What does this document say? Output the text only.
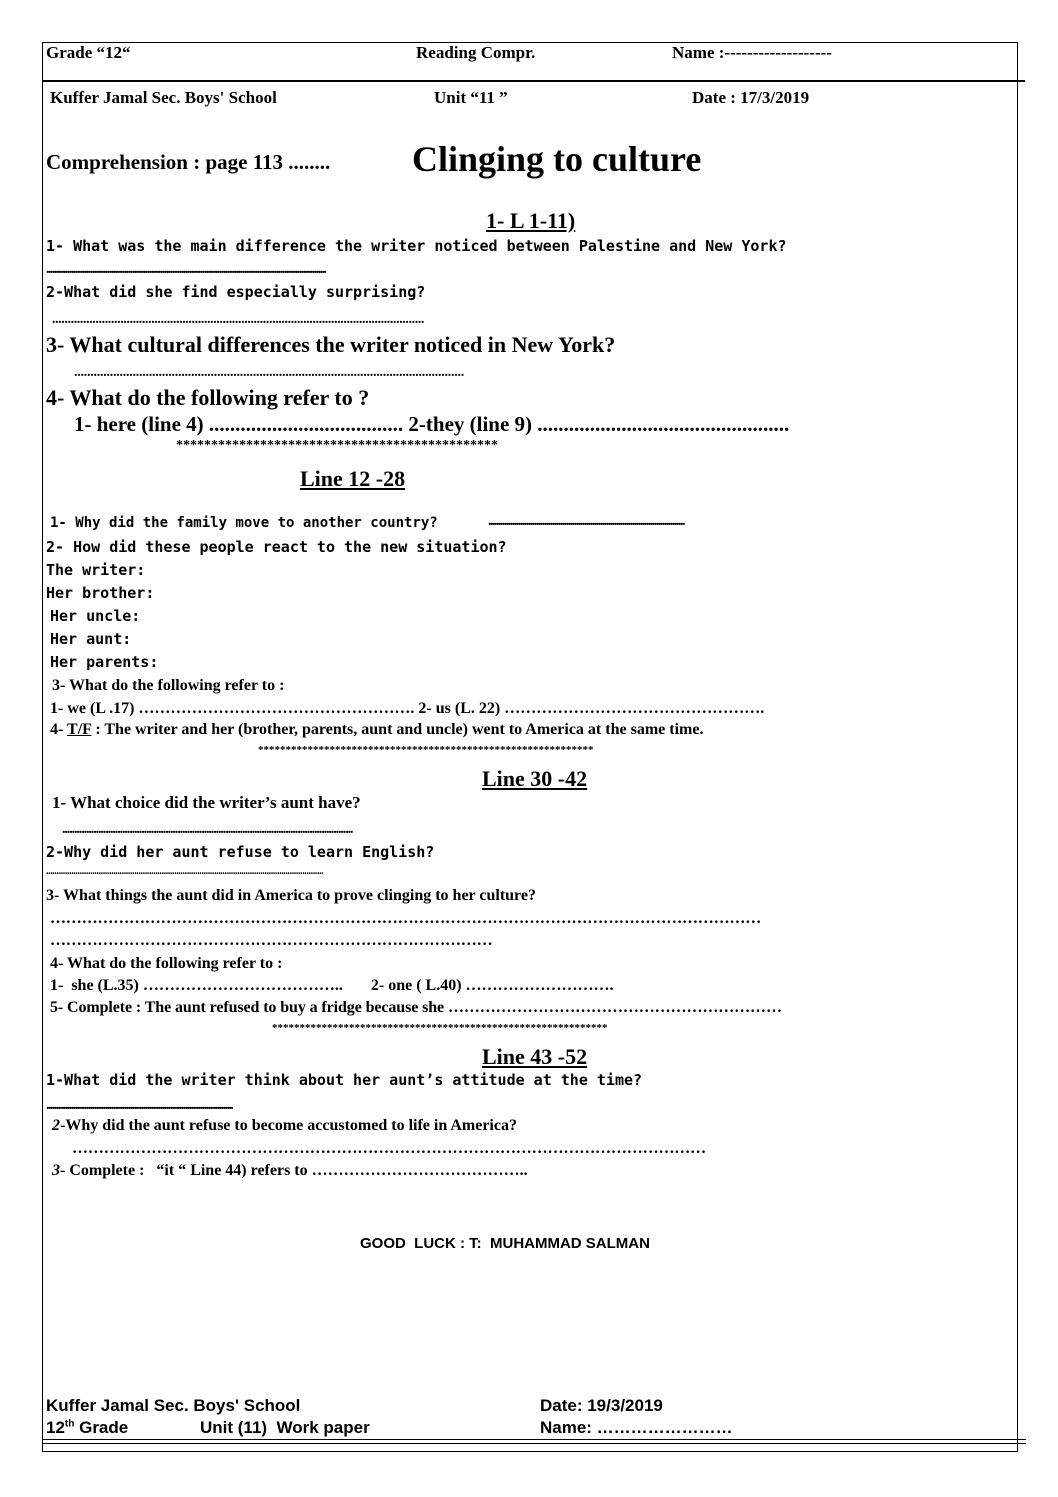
Grade “12“	Reading Compr.	Name :-------------------
Kuffer Jamal Sec. Boys' School	Unit “11 ”	Date : 17/3/2019
Comprehension : page 113 ........ Clinging to culture
1- L 1-11)
1- What was the main difference the writer noticed between Palestine and New York?
...................................................................................................................................................
2-What did she find especially surprising?
........................................................................................................................
3- What cultural differences the writer noticed in New York?
........................................................................................................................
4- What do the following refer to ?
1- here (line 4) ..................................... 2-they (line 9) ................................................
**********************************************
Line 12 -28
1- Why did the family move to another country?	..................................................................................................
2- How did these people react to the new situation?
The writer:
Her brother:
Her uncle:
Her aunt:
Her parents:
3- What do the following refer to :
1- we (L .17) ……………………………………………. 2- us (L. 22) ………………………………………….
4- T/F : The writer and her (brother, parents, aunt and uncle) went to America at the same time.
*************************************************************
Line 30 -42
1- What choice did the writer’s aunt have?
.........................................................................................................................
2-Why did her aunt refuse to learn English?
....................................................................................................................................
3- What things the aunt did in America to prove clinging to her culture?
………………………………………………………………………………………………………………………
…………………………………………………………………………
4- What do the following refer to :
1-  she (L.35) ………………………………..       2- one ( L.40) ……………………….
5- Complete : The aunt refused to buy a fridge because she ………………………………………………………
*************************************************************
Line 43 -52
1-What did the writer think about her aunt’s attitude at the time?
..................................................................................................
2-Why did the aunt refuse to become accustomed to life in America?
…………………………………………………………………………………………………………
3- Complete :   “it “ Line 44) refers to …………………………………..
GOOD  LUCK : T:  MUHAMMAD SALMAN
Kuffer Jamal Sec. Boys' School	Date: 19/3/2019
12th Grade	Unit (11)  Work paper	Name: ……………………
